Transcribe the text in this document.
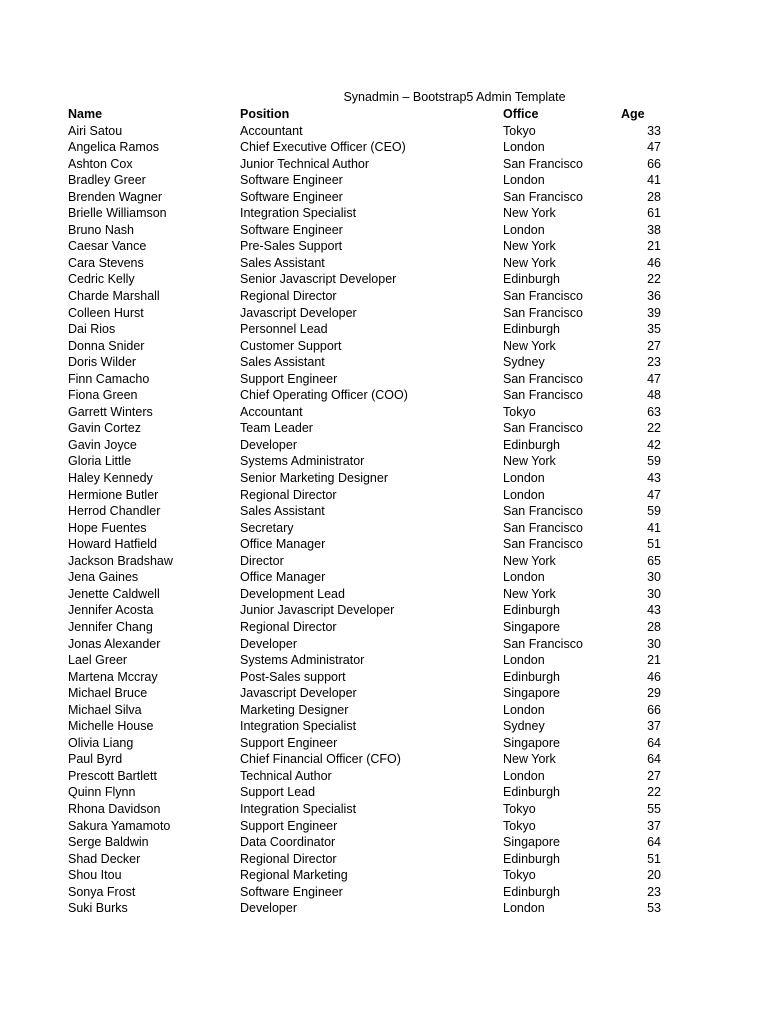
Synadmin – Bootstrap5 Admin Template
Name	Position	Office	Age
Airi Satou	Accountant	Tokyo	33
Angelica Ramos	Chief Executive Officer (CEO)	London	47
Ashton Cox	Junior Technical Author	San Francisco	66
Bradley Greer	Software Engineer	London	41
Brenden Wagner	Software Engineer	San Francisco	28
Brielle Williamson	Integration Specialist	New York	61
Bruno Nash	Software Engineer	London	38
Caesar Vance	Pre-Sales Support	New York	21
Cara Stevens	Sales Assistant	New York	46
Cedric Kelly	Senior Javascript Developer	Edinburgh	22
Charde Marshall	Regional Director	San Francisco	36
Colleen Hurst	Javascript Developer	San Francisco	39
Dai Rios	Personnel Lead	Edinburgh	35
Donna Snider	Customer Support	New York	27
Doris Wilder	Sales Assistant	Sydney	23
Finn Camacho	Support Engineer	San Francisco	47
Fiona Green	Chief Operating Officer (COO)	San Francisco	48
Garrett Winters	Accountant	Tokyo	63
Gavin Cortez	Team Leader	San Francisco	22
Gavin Joyce	Developer	Edinburgh	42
Gloria Little	Systems Administrator	New York	59
Haley Kennedy	Senior Marketing Designer	London	43
Hermione Butler	Regional Director	London	47
Herrod Chandler	Sales Assistant	San Francisco	59
Hope Fuentes	Secretary	San Francisco	41
Howard Hatfield	Office Manager	San Francisco	51
Jackson Bradshaw	Director	New York	65
Jena Gaines	Office Manager	London	30
Jenette Caldwell	Development Lead	New York	30
Jennifer Acosta	Junior Javascript Developer	Edinburgh	43
Jennifer Chang	Regional Director	Singapore	28
Jonas Alexander	Developer	San Francisco	30
Lael Greer	Systems Administrator	London	21
Martena Mccray	Post-Sales support	Edinburgh	46
Michael Bruce	Javascript Developer	Singapore	29
Michael Silva	Marketing Designer	London	66
Michelle House	Integration Specialist	Sydney	37
Olivia Liang	Support Engineer	Singapore	64
Paul Byrd	Chief Financial Officer (CFO)	New York	64
Prescott Bartlett	Technical Author	London	27
Quinn Flynn	Support Lead	Edinburgh	22
Rhona Davidson	Integration Specialist	Tokyo	55
Sakura Yamamoto	Support Engineer	Tokyo	37
Serge Baldwin	Data Coordinator	Singapore	64
Shad Decker	Regional Director	Edinburgh	51
Shou Itou	Regional Marketing	Tokyo	20
Sonya Frost	Software Engineer	Edinburgh	23
Suki Burks	Developer	London	53
